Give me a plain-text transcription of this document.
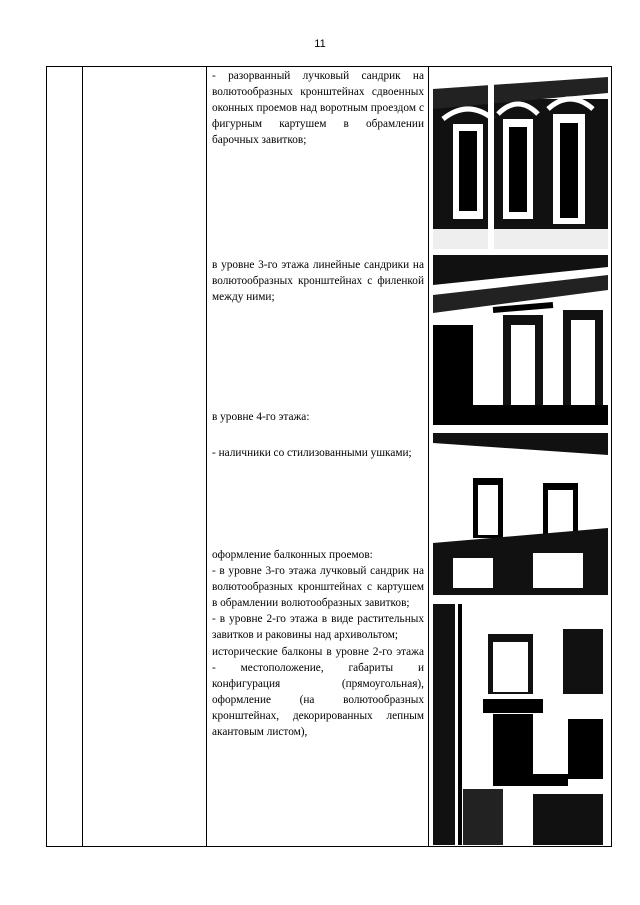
11
- разорванный лучковый сандрик на волютообразных кронштейнах сдвоенных оконных проемов над воротным проездом с фигурным картушем в обрамлении барочных завитков;
в уровне 3-го этажа линейные сандрики на волютообразных кронштейнах с филенкой между ними;
в уровне 4-го этажа:
- наличники со стилизованными ушками;
оформление балконных проемов:
- в уровне 3-го этажа лучковый сандрик на волютообразных кронштейнах с картушем в обрамлении волютообразных завитков;
- в уровне 2-го этажа в виде растительных завитков и раковины над архивольтом;
исторические балконы в уровне 2-го этажа - местоположение, габариты и конфигурация (прямоугольная), оформление (на волютообразных кронштейнах, декорированных лепным акантовым листом),
